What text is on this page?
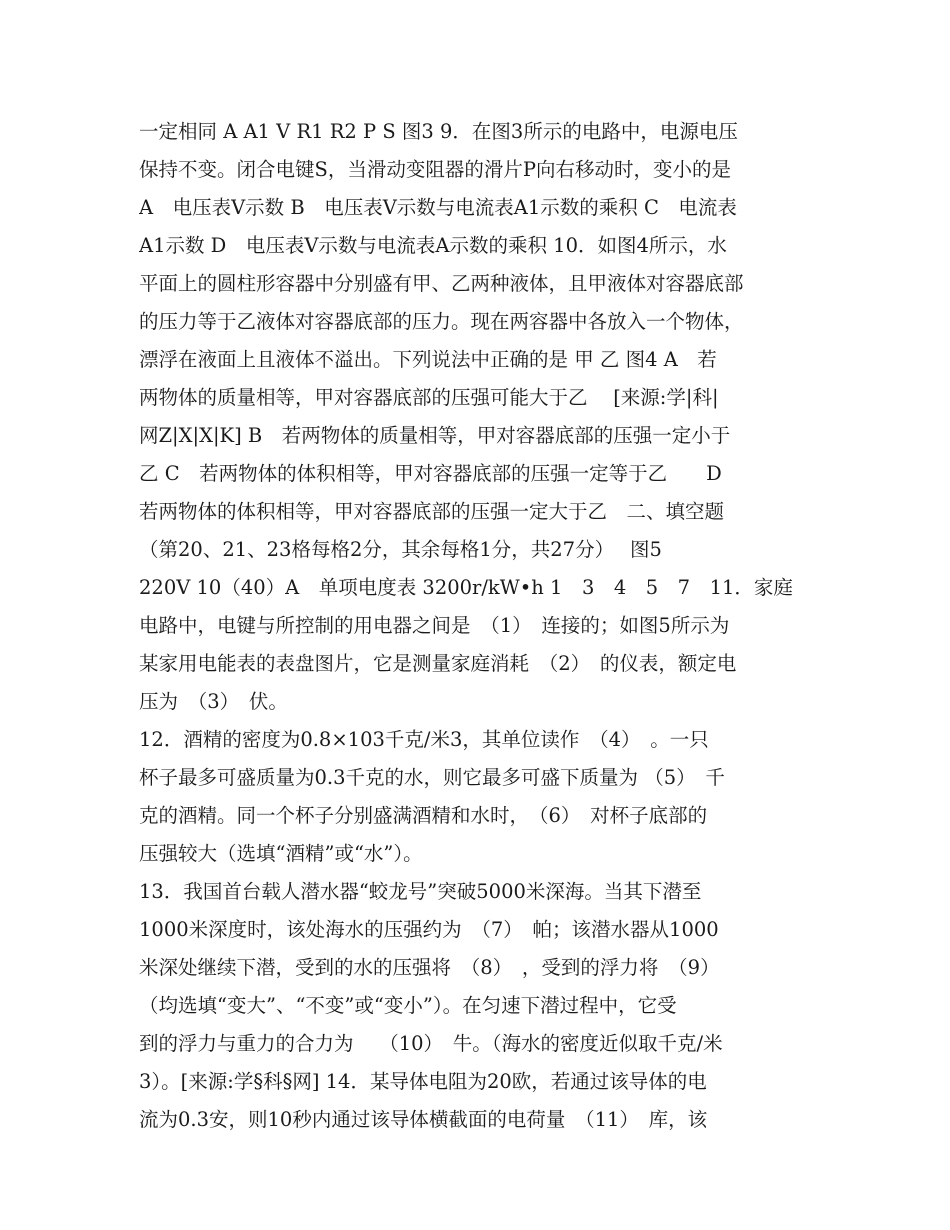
一定相同 A A1 V R1 R2 P S 图3 9．在图3所示的电路中，电源电压
保持不变。闭合电键S，当滑动变阻器的滑片P向右移动时，变小的是
A　电压表V示数 B　电压表V示数与电流表A1示数的乘积 C　电流表
A1示数 D　电压表V示数与电流表A示数的乘积 10．如图4所示，水
平面上的圆柱形容器中分别盛有甲、乙两种液体，且甲液体对容器底部
的压力等于乙液体对容器底部的压力。现在两容器中各放入一个物体，
漂浮在液面上且液体不溢出。下列说法中正确的是 甲 乙 图4 A　若
两物体的质量相等，甲对容器底部的压强可能大于乙　 [来源:学|科|
网Z|X|X|K] B　若两物体的质量相等，甲对容器底部的压强一定小于
乙 C　若两物体的体积相等，甲对容器底部的压强一定等于乙　　D
若两物体的体积相等，甲对容器底部的压强一定大于乙　二、填空题
（第20、21、23格每格2分，其余每格1分，共27分）　 图5
220V 10（40）A　单项电度表 3200r/kW•h 1　3　4　5　7　11．家庭
电路中，电键与所控制的用电器之间是　（1）　连接的；如图5所示为
某家用电能表的表盘图片，它是测量家庭消耗　（2）　的仪表，额定电
压为　（3）　伏。
12．酒精的密度为0.8×103千克/米3，其单位读作　（4）　。一只
杯子最多可盛质量为0.3千克的水，则它最多可盛下质量为 （5）　千
克的酒精。同一个杯子分别盛满酒精和水时，　（6）　对杯子底部的
压强较大（选填“酒精”或“水”）。
13．我国首台载人潜水器“蛟龙号”突破5000米深海。当其下潜至
1000米深度时，该处海水的压强约为　（7）　帕；该潜水器从1000
米深处继续下潜，受到的水的压强将　（8）　，受到的浮力将　（9）
（均选填“变大”、“不变”或“变小”）。在匀速下潜过程中，它受
到的浮力与重力的合力为　 （10）　牛。（海水的密度近似取千克/米
3）。[来源:学§科§网] 14．某导体电阻为20欧，若通过该导体的电
流为0.3安，则10秒内通过该导体横截面的电荷量　（11）　库，该
